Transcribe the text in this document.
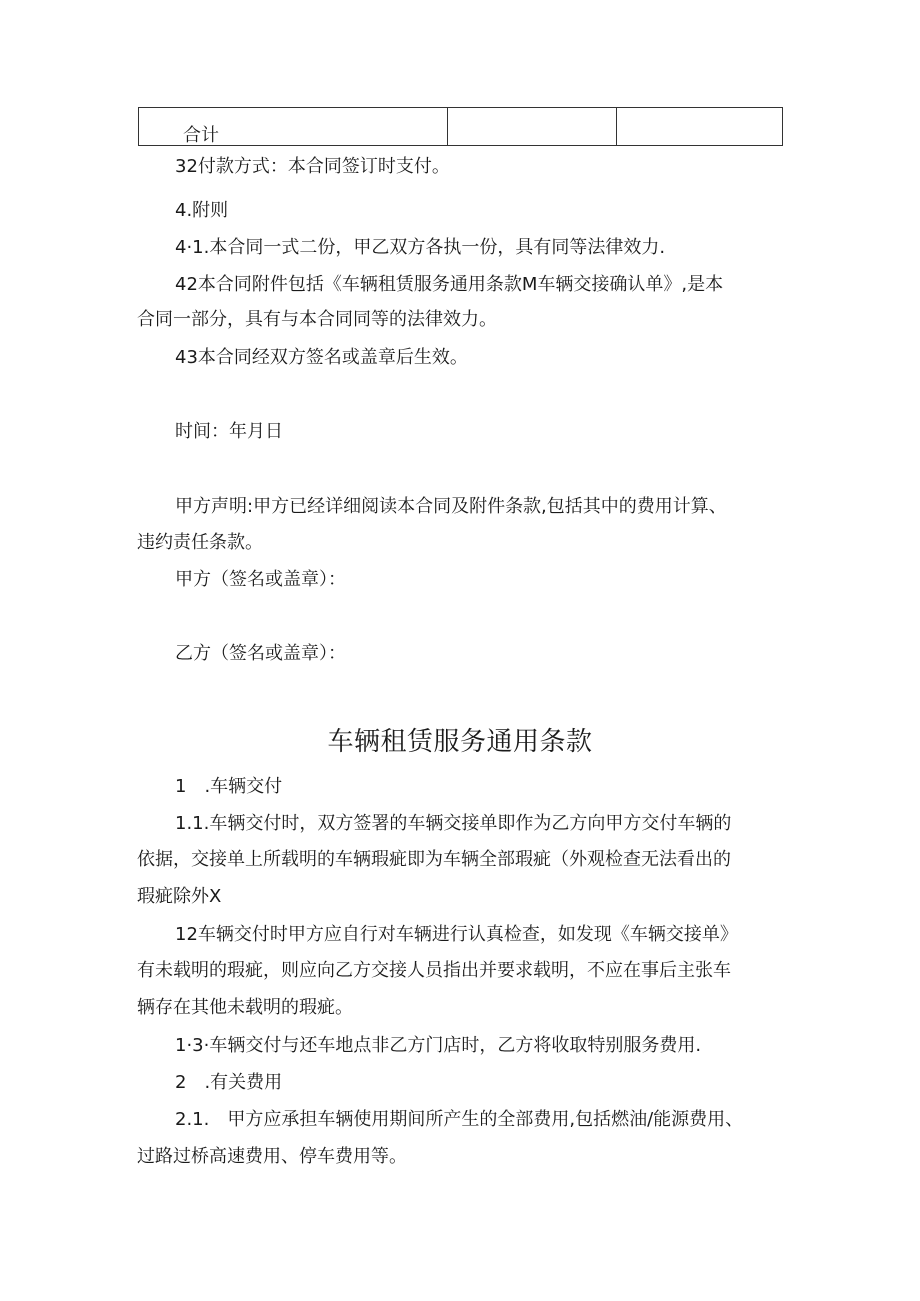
合计

32付款方式：本合同签订时支付。

4.附则

4·1.本合同一式二份，甲乙双方各执一份，具有同等法律效力.

42本合同附件包括《车辆租赁服务通用条款M车辆交接确认单》,是本

合同一部分，具有与本合同同等的法律效力。

43本合同经双方签名或盖章后生效。

时间：年月日

甲方声明:甲方已经详细阅读本合同及附件条款,包括其中的费用计算、

违约责任条款。

甲方（签名或盖章）：

乙方（签名或盖章）：

车辆租赁服务通用条款

1　.车辆交付

1.1.车辆交付时，双方签署的车辆交接单即作为乙方向甲方交付车辆的

依据，交接单上所载明的车辆瑕疵即为车辆全部瑕疵（外观检查无法看出的

瑕疵除外X

12车辆交付时甲方应自行对车辆进行认真检查，如发现《车辆交接单》

有未载明的瑕疵，则应向乙方交接人员指出并要求载明，不应在事后主张车

辆存在其他未载明的瑕疵。

1·3·车辆交付与还车地点非乙方门店时，乙方将收取特别服务费用.

2　.有关费用

2.1.　甲方应承担车辆使用期间所产生的全部费用,包括燃油/能源费用、

过路过桥高速费用、停车费用等。
